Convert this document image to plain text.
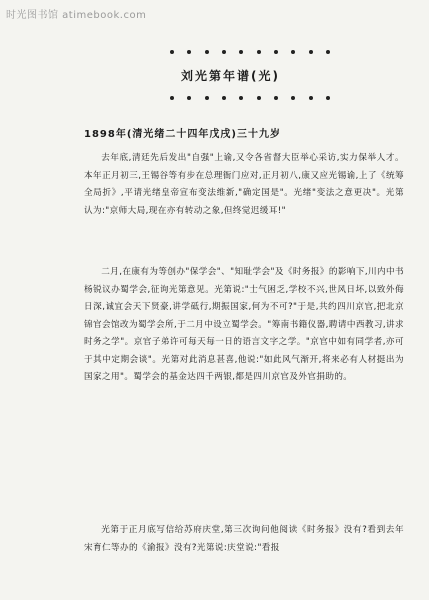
时光图书馆 atimebook.com
刘光第年谱(光)
1898年(清光绪二十四年戊戌)三十九岁
去年底,清廷先后发出"自强"上谕,又令各省督大臣举心采访,实力保举人才。本年正月初三,王锡谷等有步在总理衙门应对,正月初八,康又应光锡谕,上了《统筹全局折》,平请光绪皇帝宣布变法维新,"确定国是"。光绪"变法之意更决"。光第认为:"京师大局,现在亦有转动之象,但终觉迟缓耳!"
二月,在康有为等创办"保学会"、"知耻学会"及《时务报》的影响下,川内中书杨锐议办蜀学会,征询光第意见。光第说:"士气困乏,学校不兴,世风日坏,以致外侮日深,诚宜会天下贤豪,讲学砥行,期振国家,何为不可?"于是,共约四川京官,把北京锦官会馆改为蜀学会所,于二月中设立蜀学会。"筹南书籍仪器,聘请中西教习,讲求时务之学"。京官子弟许可每天每一日的语言文字之学。"京官中如有同学者,亦可于其中定期会谈"。光第对此消息甚喜,他说:"如此风气渐开,将来必有人材挺出为国家之用"。蜀学会的基金达四千两银,都是四川京官及外官捐助的。
光第于正月底写信给苏府庆堂,第三次询问他阅读《时务报》没有?看到去年宋育仁等办的《渝报》没有?光第说:庆堂说:"看报
